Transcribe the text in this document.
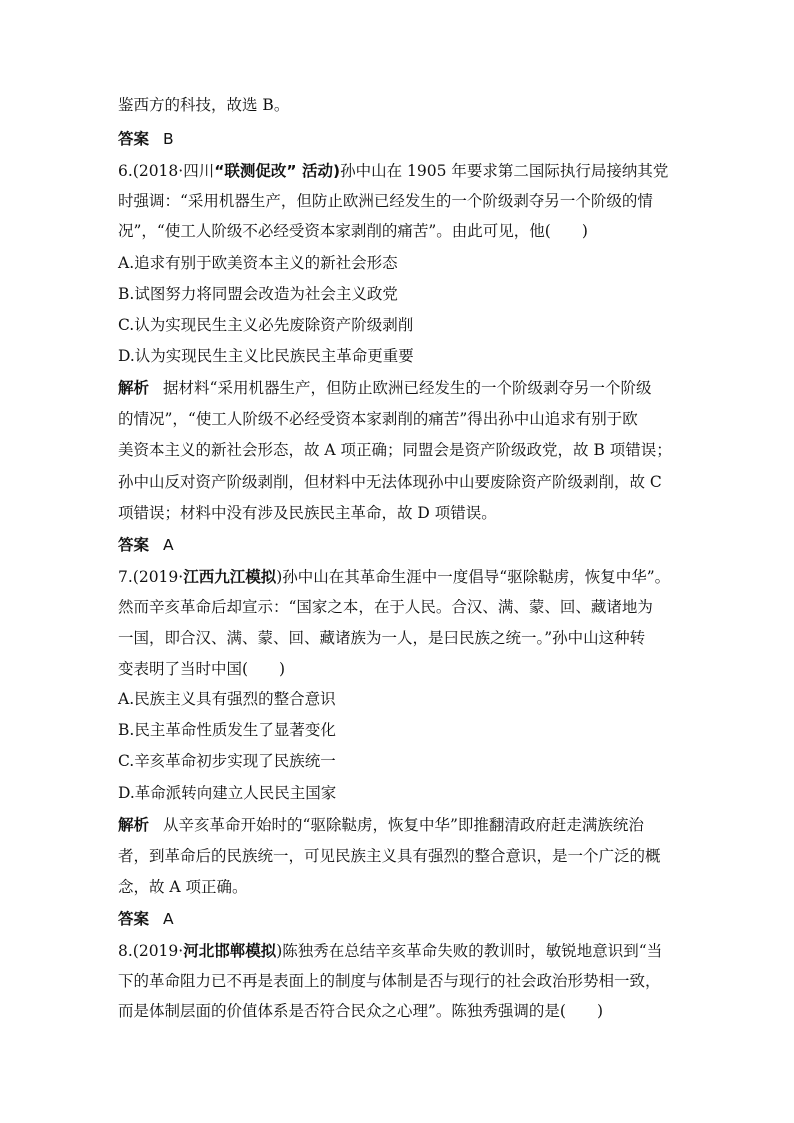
鉴西方的科技，故选 B。
答案 B
6.(2018·四川“联测促改” 活动)孙中山在 1905 年要求第二国际执行局接纳其党
时强调：“采用机器生产，但防止欧洲已经发生的一个阶级剥夺另一个阶级的情
况”，“使工人阶级不必经受资本家剥削的痛苦”。由此可见，他(　　)
A.追求有别于欧美资本主义的新社会形态
B.试图努力将同盟会改造为社会主义政党
C.认为实现民生主义必先废除资产阶级剥削
D.认为实现民生主义比民族民主革命更重要
解析 据材料“采用机器生产，但防止欧洲已经发生的一个阶级剥夺另一个阶级
的情况”，“使工人阶级不必经受资本家剥削的痛苦”得出孙中山追求有别于欧
美资本主义的新社会形态，故 A 项正确；同盟会是资产阶级政党，故 B 项错误；
孙中山反对资产阶级剥削，但材料中无法体现孙中山要废除资产阶级剥削，故 C
项错误；材料中没有涉及民族民主革命，故 D 项错误。
答案 A
7.(2019·江西九江模拟)孙中山在其革命生涯中一度倡导“驱除鞑虏，恢复中华”。
然而辛亥革命后却宣示：“国家之本，在于人民。合汉、满、蒙、回、藏诸地为
一国，即合汉、满、蒙、回、藏诸族为一人，是曰民族之统一。”孙中山这种转
变表明了当时中国(　　)
A.民族主义具有强烈的整合意识
B.民主革命性质发生了显著变化
C.辛亥革命初步实现了民族统一
D.革命派转向建立人民民主国家
解析 从辛亥革命开始时的“驱除鞑虏，恢复中华”即推翻清政府赶走满族统治
者，到革命后的民族统一，可见民族主义具有强烈的整合意识，是一个广泛的概
念，故 A 项正确。
答案 A
8.(2019·河北邯郸模拟)陈独秀在总结辛亥革命失败的教训时，敏锐地意识到“当
下的革命阻力已不再是表面上的制度与体制是否与现行的社会政治形势相一致，
而是体制层面的价值体系是否符合民众之心理”。陈独秀强调的是(　　)
